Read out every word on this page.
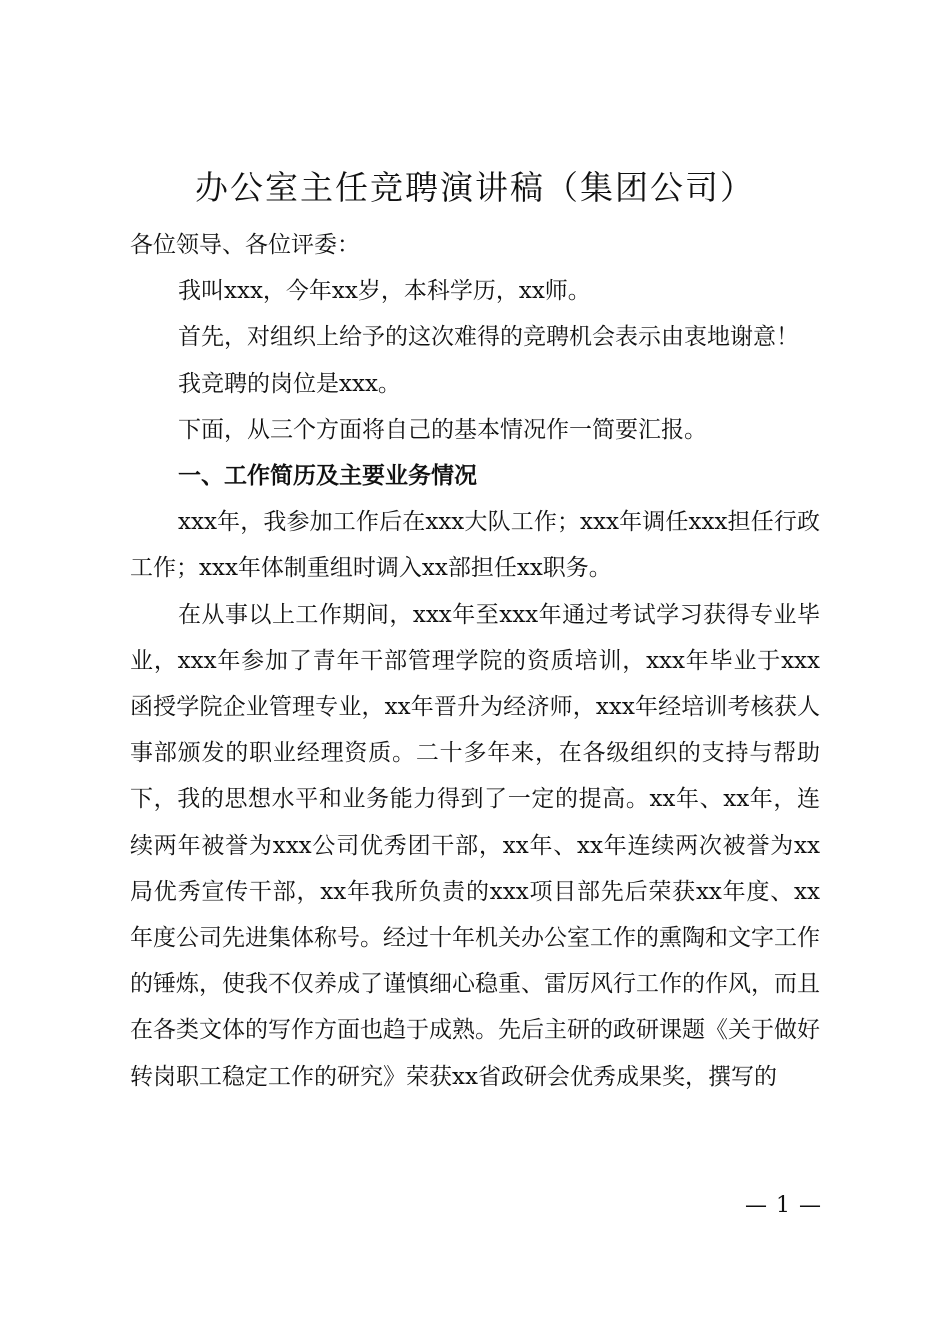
办公室主任竞聘演讲稿（集团公司）

各位领导、各位评委：

我叫xxx，今年xx岁，本科学历，xx师。

首先，对组织上给予的这次难得的竞聘机会表示由衷地谢意！

我竞聘的岗位是xxx。

下面，从三个方面将自己的基本情况作一简要汇报。

一、工作简历及主要业务情况

xxx年，我参加工作后在xxx大队工作；xxx年调任xxx担任行政工作；xxx年体制重组时调入xx部担任xx职务。

在从事以上工作期间，xxx年至xxx年通过考试学习获得专业毕业，xxx年参加了青年干部管理学院的资质培训，xxx年毕业于xxx函授学院企业管理专业，xx年晋升为经济师，xxx年经培训考核获人事部颁发的职业经理资质。二十多年来，在各级组织的支持与帮助下，我的思想水平和业务能力得到了一定的提高。xx年、xx年，连续两年被誉为xxx公司优秀团干部，xx年、xx年连续两次被誉为xx局优秀宣传干部，xx年我所负责的xxx项目部先后荣获xx年度、xx年度公司先进集体称号。经过十年机关办公室工作的熏陶和文字工作的锤炼，使我不仅养成了谨慎细心稳重、雷厉风行工作的作风，而且在各类文体的写作方面也趋于成熟。先后主研的政研课题《关于做好转岗职工稳定工作的研究》荣获xx省政研会优秀成果奖，撰写的

— 1 —
